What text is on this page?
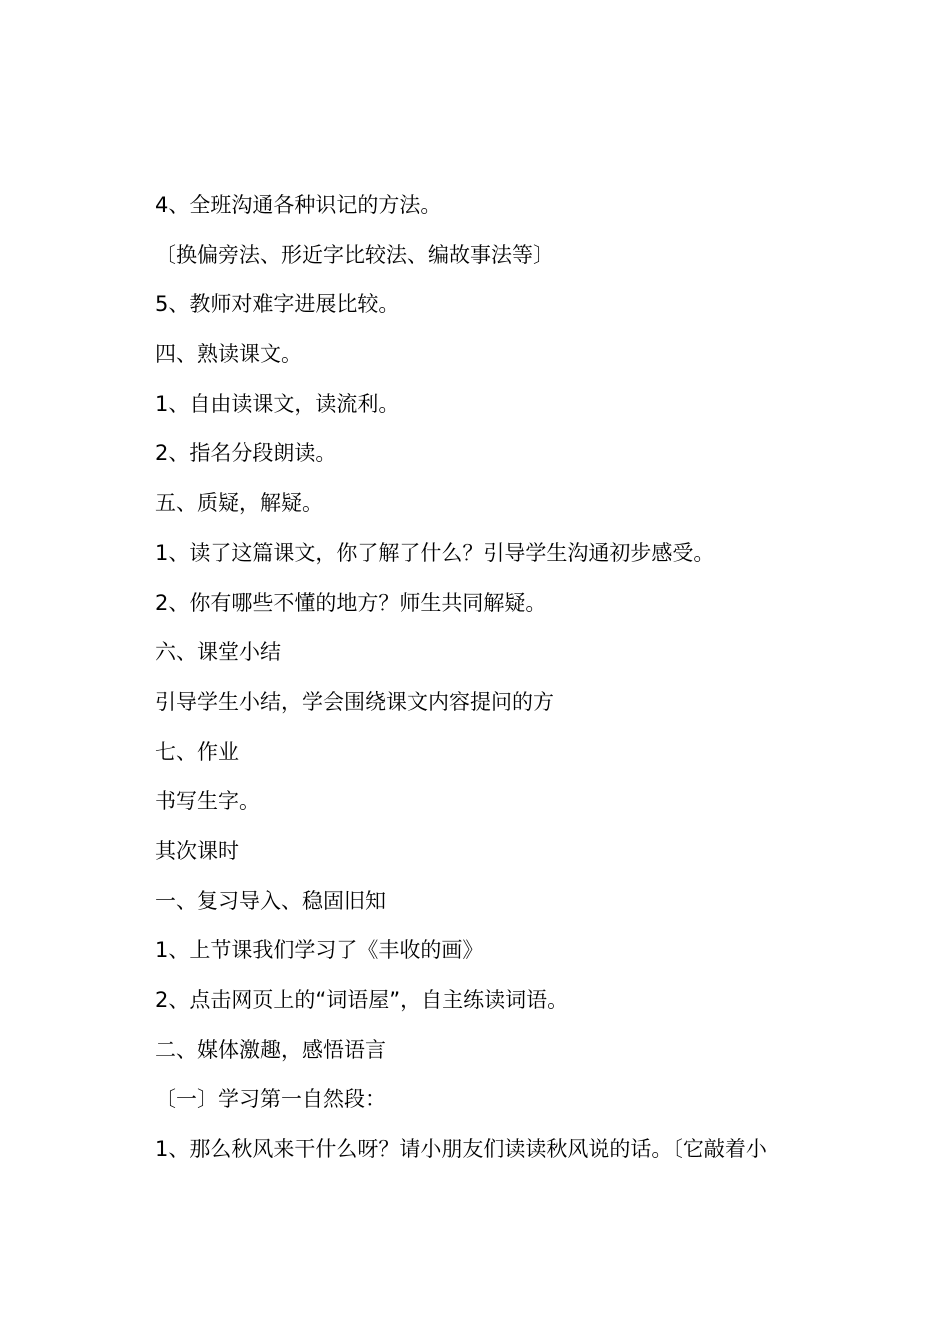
4、全班沟通各种识记的方法。
〔换偏旁法、形近字比较法、编故事法等〕
5、教师对难字进展比较。
四、熟读课文。
1、自由读课文，读流利。
2、指名分段朗读。
五、质疑，解疑。
1、读了这篇课文，你了解了什么？引导学生沟通初步感受。
2、你有哪些不懂的地方？师生共同解疑。
六、课堂小结
引导学生小结，学会围绕课文内容提问的方
七、作业
书写生字。
其次课时
一、复习导入、稳固旧知
1、上节课我们学习了《丰收的画》
2、点击网页上的“词语屋”，自主练读词语。
二、媒体激趣，感悟语言
〔一〕学习第一自然段：
1、那么秋风来干什么呀？请小朋友们读读秋风说的话。〔它敲着小
